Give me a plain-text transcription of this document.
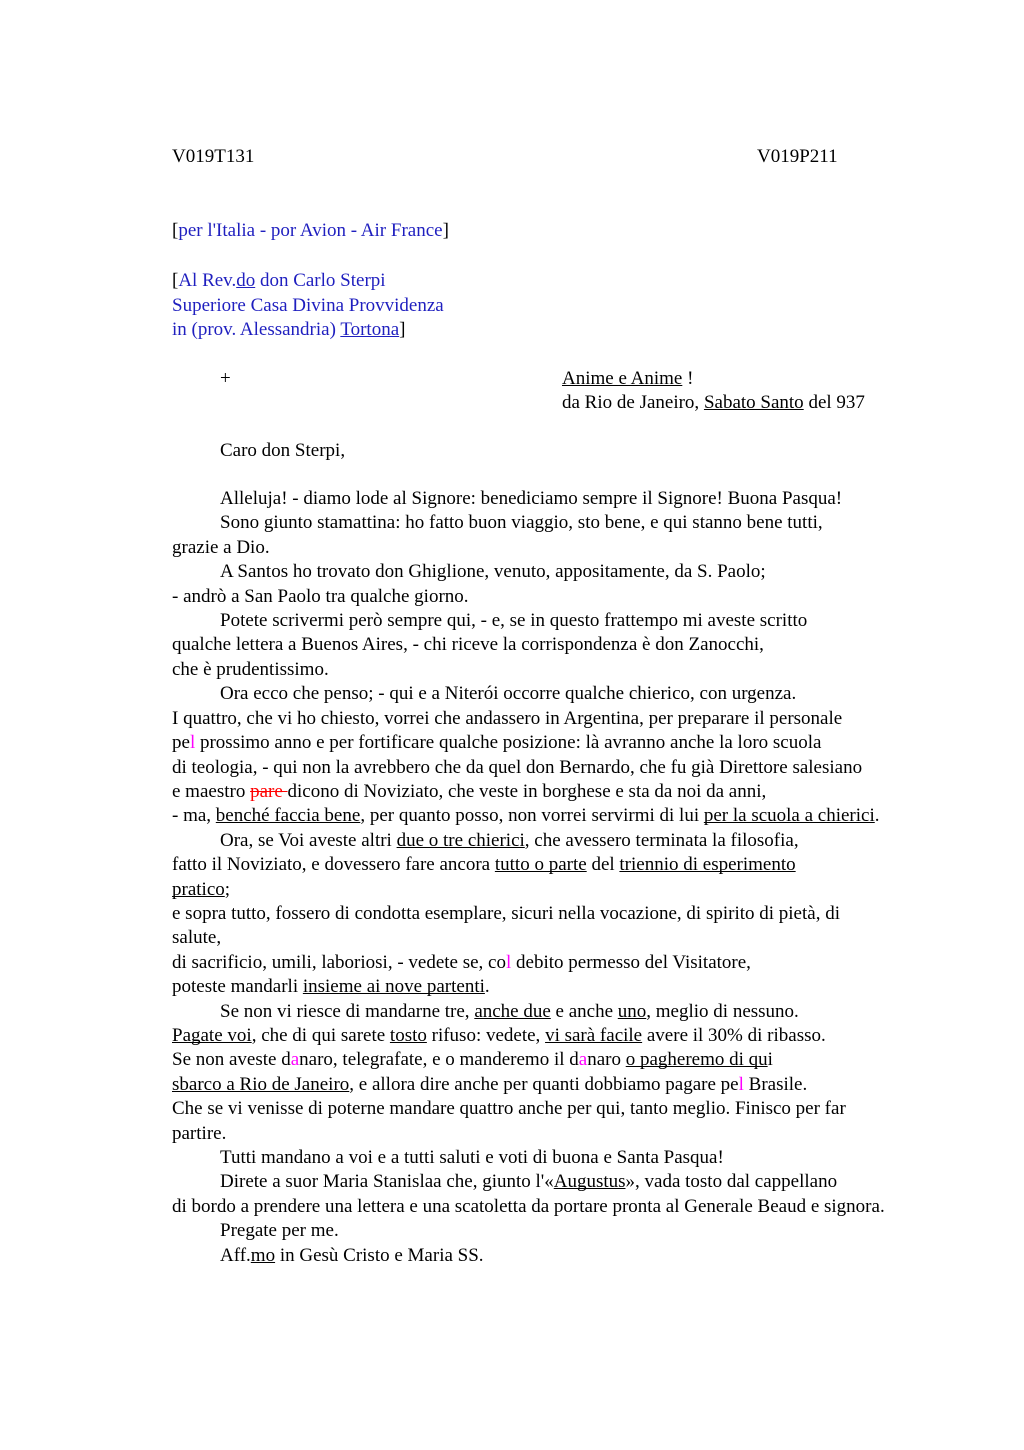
V019T131	V019P211

[per l'Italia - por Avion - Air France]

[Al Rev.do don Carlo Sterpi

Superiore Casa Divina Provvidenza

in (prov. Alessandria) Tortona]

+	Anime e Anime !

da Rio de Janeiro, Sabato Santo del 937

Caro don Sterpi,

Alleluja! - diamo lode al Signore: benediciamo sempre il Signore! Buona Pasqua!

Sono giunto stamattina: ho fatto buon viaggio, sto bene, e qui stanno bene tutti,

grazie a Dio.

A Santos ho trovato don Ghiglione, venuto, appositamente, da S. Paolo;

- andrò a San Paolo tra qualche giorno.

Potete scrivermi però sempre qui, - e, se in questo frattempo mi aveste scritto

qualche lettera a Buenos Aires, - chi riceve la corrispondenza è don Zanocchi,

che è prudentissimo.

Ora ecco che penso; - qui e a Niterói occorre qualche chierico, con urgenza.

I quattro, che vi ho chiesto, vorrei che andassero in Argentina, per preparare il personale

pel prossimo anno e per fortificare qualche posizione: là avranno anche la loro scuola

di teologia, - qui non la avrebbero che da quel don Bernardo, che fu già Direttore salesiano

e maestro pare dicono di Noviziato, che veste in borghese e sta da noi da anni,

- ma, benché faccia bene, per quanto posso, non vorrei servirmi di lui per la scuola a chierici.

Ora, se Voi aveste altri due o tre chierici, che avessero terminata la filosofia,

fatto il Noviziato, e dovessero fare ancora tutto o parte del triennio di esperimento

pratico;

e sopra tutto, fossero di condotta esemplare, sicuri nella vocazione, di spirito di pietà, di

salute,

di sacrificio, umili, laboriosi, - vedete se, col debito permesso del Visitatore,

poteste mandarli insieme ai nove partenti.

Se non vi riesce di mandarne tre, anche due e anche uno, meglio di nessuno.

Pagate voi, che di qui sarete tosto rifuso: vedete, vi sarà facile avere il 30% di ribasso.

Se non aveste danaro, telegrafate, e o manderemo il danaro o pagheremo di qui

sbarco a Rio de Janeiro, e allora dire anche per quanti dobbiamo pagare pel Brasile.

Che se vi venisse di poterne mandare quattro anche per qui, tanto meglio. Finisco per far

partire.

Tutti mandano a voi e a tutti saluti e voti di buona e Santa Pasqua!

Direte a suor Maria Stanislaa che, giunto l'«Augustus», vada tosto dal cappellano

di bordo a prendere una lettera e una scatoletta da portare pronta al Generale Beaud e signora.

Pregate per me.

Aff.mo in Gesù Cristo e Maria SS.
